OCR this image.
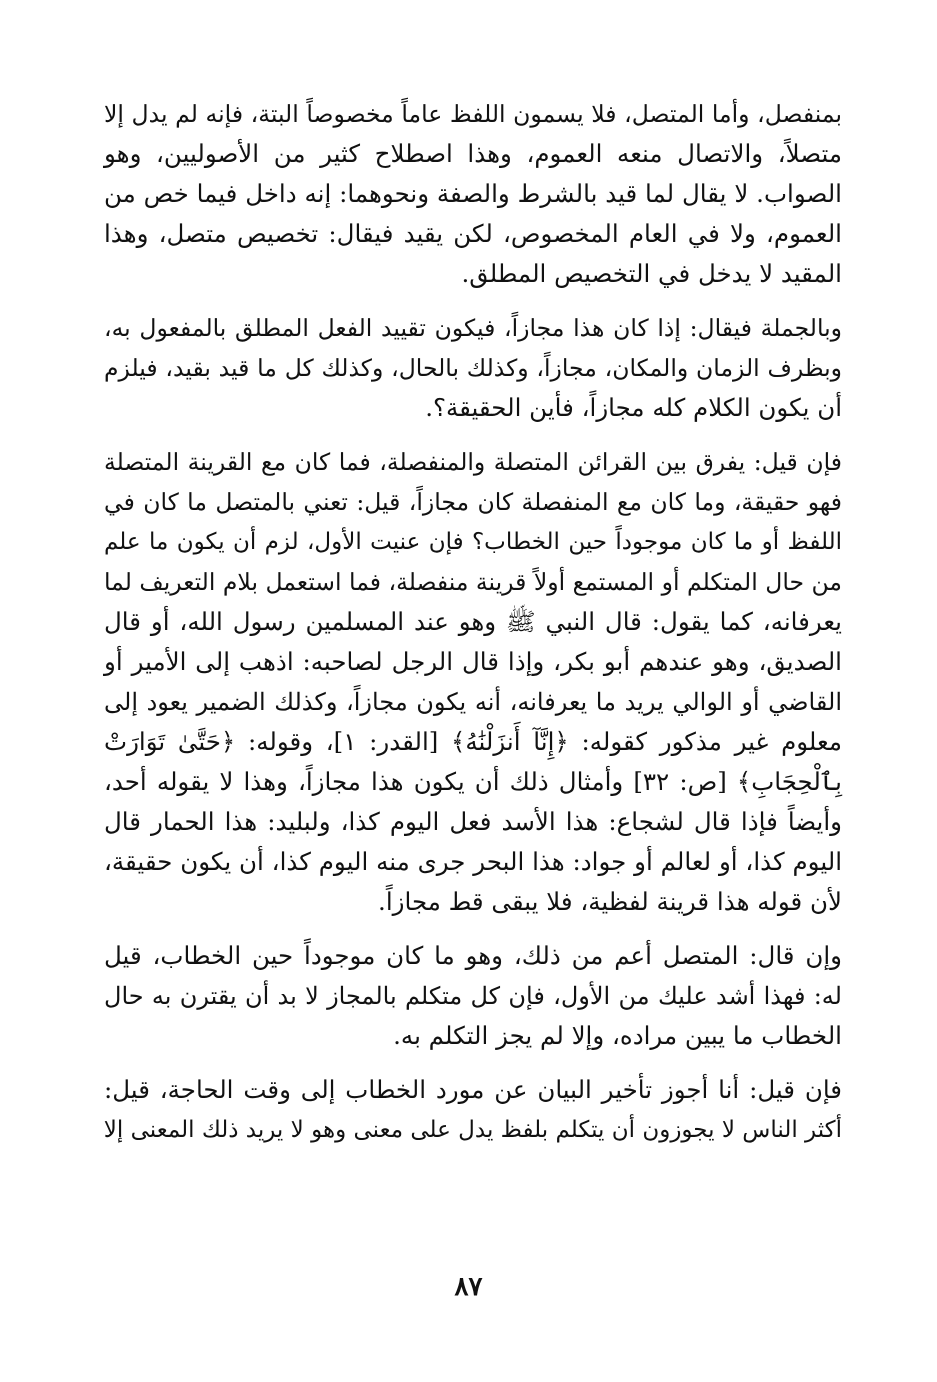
بمنفصل، وأما المتصل، فلا يسمون اللفظ عاماً مخصوصاً البتة، فإنه لم يدل إلا
متصلاً، والاتصال منعه العموم، وهذا اصطلاح كثير من الأصوليين، وهو
الصواب. لا يقال لما قيد بالشرط والصفة ونحوهما: إنه داخل فيما خص من
العموم، ولا في العام المخصوص، لكن يقيد فيقال: تخصيص متصل، وهذا
المقيد لا يدخل في التخصيص المطلق.

وبالجملة فيقال: إذا كان هذا مجازاً، فيكون تقييد الفعل المطلق بالمفعول به،
وبظرف الزمان والمكان، مجازاً، وكذلك بالحال، وكذلك كل ما قيد بقيد، فيلزم
أن يكون الكلام كله مجازاً، فأين الحقيقة؟.

فإن قيل: يفرق بين القرائن المتصلة والمنفصلة، فما كان مع القرينة المتصلة
فهو حقيقة، وما كان مع المنفصلة كان مجازاً، قيل: تعني بالمتصل ما كان في
اللفظ أو ما كان موجوداً حين الخطاب؟ فإن عنيت الأول، لزم أن يكون ما علم
من حال المتكلم أو المستمع أولاً قرينة منفصلة، فما استعمل بلام التعريف لما
يعرفانه، كما يقول: قال النبي ﷺ وهو عند المسلمين رسول الله، أو قال
الصديق، وهو عندهم أبو بكر، وإذا قال الرجل لصاحبه: اذهب إلى الأمير أو
القاضي أو الوالي يريد ما يعرفانه، أنه يكون مجازاً، وكذلك الضمير يعود إلى
معلوم غير مذكور كقوله: ﴿إِنَّآ أَنزَلْنَٰهُ﴾ [القدر: ١]، وقوله: ﴿حَتَّىٰ تَوَارَتْ
بِٱلْحِجَابِ﴾ [ص: ٣٢] وأمثال ذلك أن يكون هذا مجازاً، وهذا لا يقوله أحد،
وأيضاً فإذا قال لشجاع: هذا الأسد فعل اليوم كذا، ولبليد: هذا الحمار قال
اليوم كذا، أو لعالم أو جواد: هذا البحر جرى منه اليوم كذا، أن يكون حقيقة،
لأن قوله هذا قرينة لفظية، فلا يبقى قط مجازاً.

وإن قال: المتصل أعم من ذلك، وهو ما كان موجوداً حين الخطاب، قيل
له: فهذا أشد عليك من الأول، فإن كل متكلم بالمجاز لا بد أن يقترن به حال
الخطاب ما يبين مراده، وإلا لم يجز التكلم به.

فإن قيل: أنا أجوز تأخير البيان عن مورد الخطاب إلى وقت الحاجة، قيل:
أكثر الناس لا يجوزون أن يتكلم بلفظ يدل على معنى وهو لا يريد ذلك المعنى إلا

٨٧
